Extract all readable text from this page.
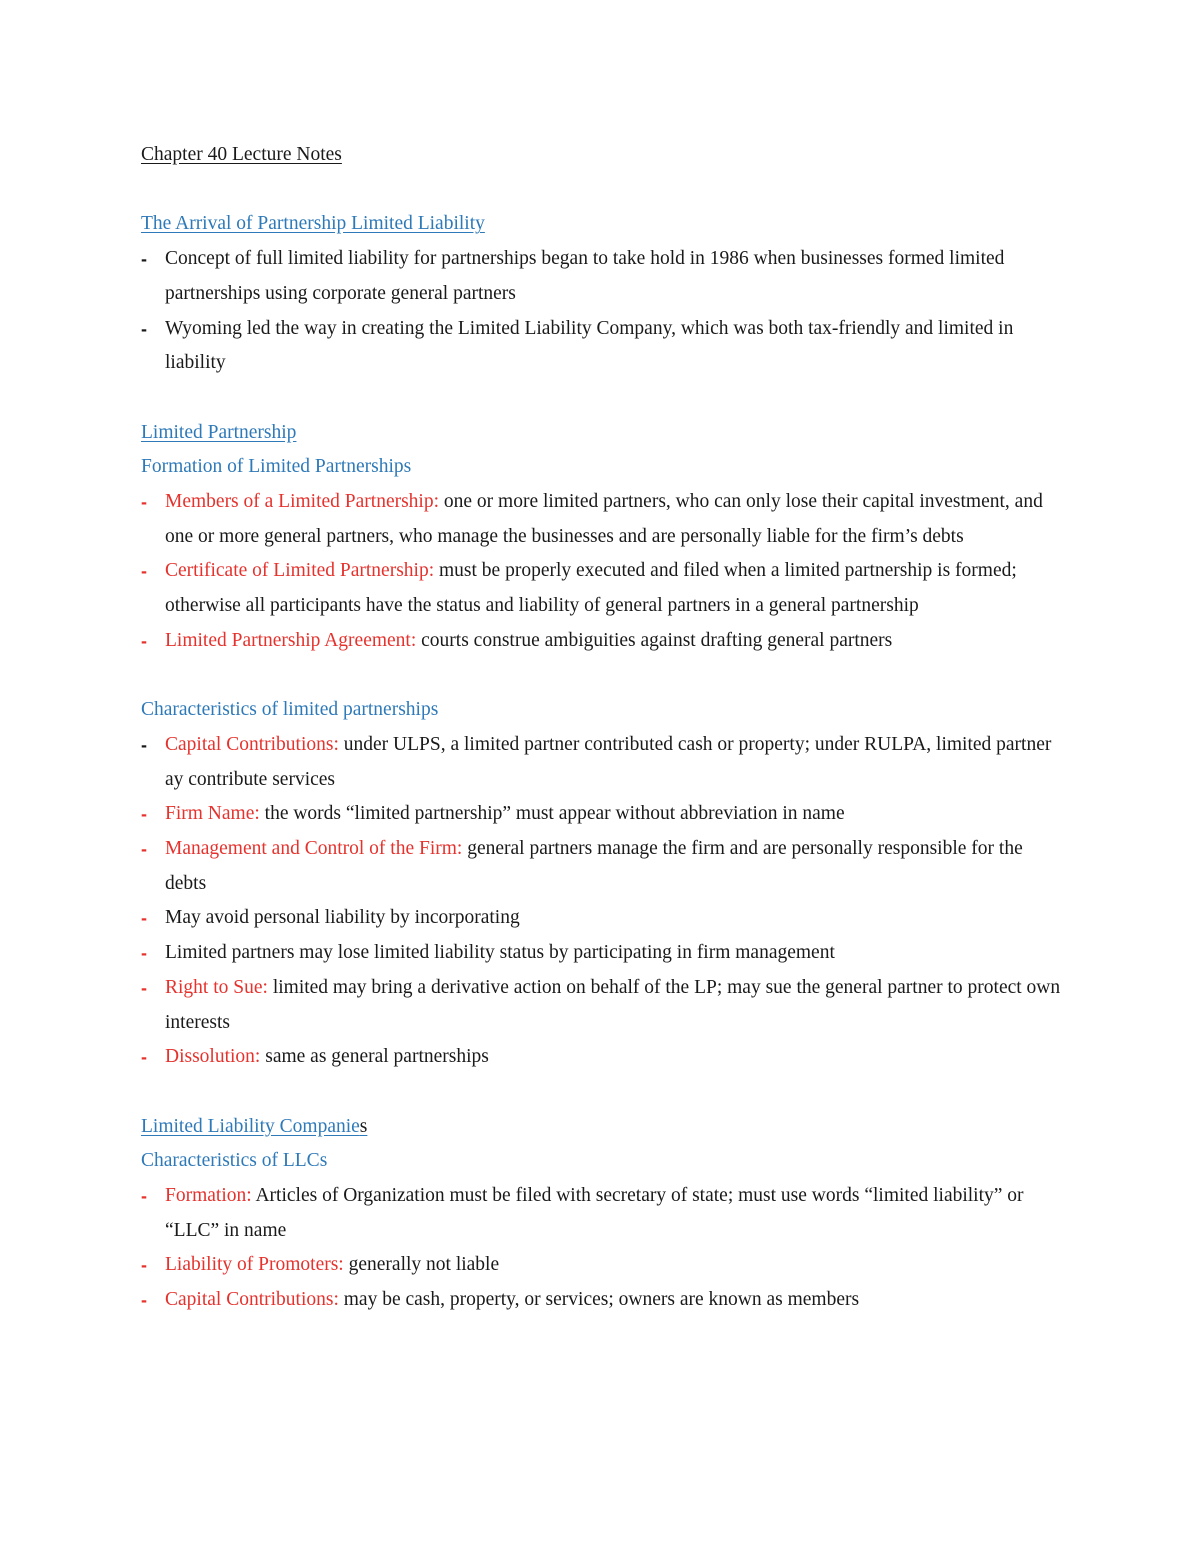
Chapter 40 Lecture Notes

The Arrival of Partnership Limited Liability

- Concept of full limited liability for partnerships began to take hold in 1986 when businesses formed limited partnerships using corporate general partners
- Wyoming led the way in creating the Limited Liability Company, which was both tax-friendly and limited in liability

Limited Partnership

Formation of Limited Partnerships

- Members of a Limited Partnership: one or more limited partners, who can only lose their capital investment, and one or more general partners, who manage the businesses and are personally liable for the firm’s debts
- Certificate of Limited Partnership: must be properly executed and filed when a limited partnership is formed; otherwise all participants have the status and liability of general partners in a general partnership
- Limited Partnership Agreement: courts construe ambiguities against drafting general partners

Characteristics of limited partnerships

- Capital Contributions: under ULPS, a limited partner contributed cash or property; under RULPA, limited partner ay contribute services
- Firm Name: the words “limited partnership” must appear without abbreviation in name
- Management and Control of the Firm: general partners manage the firm and are personally responsible for the debts
- May avoid personal liability by incorporating
- Limited partners may lose limited liability status by participating in firm management
- Right to Sue: limited may bring a derivative action on behalf of the LP; may sue the general partner to protect own interests
- Dissolution: same as general partnerships

Limited Liability Companies

Characteristics of LLCs

- Formation: Articles of Organization must be filed with secretary of state; must use words “limited liability” or “LLC” in name
- Liability of Promoters: generally not liable
- Capital Contributions: may be cash, property, or services; owners are known as members
